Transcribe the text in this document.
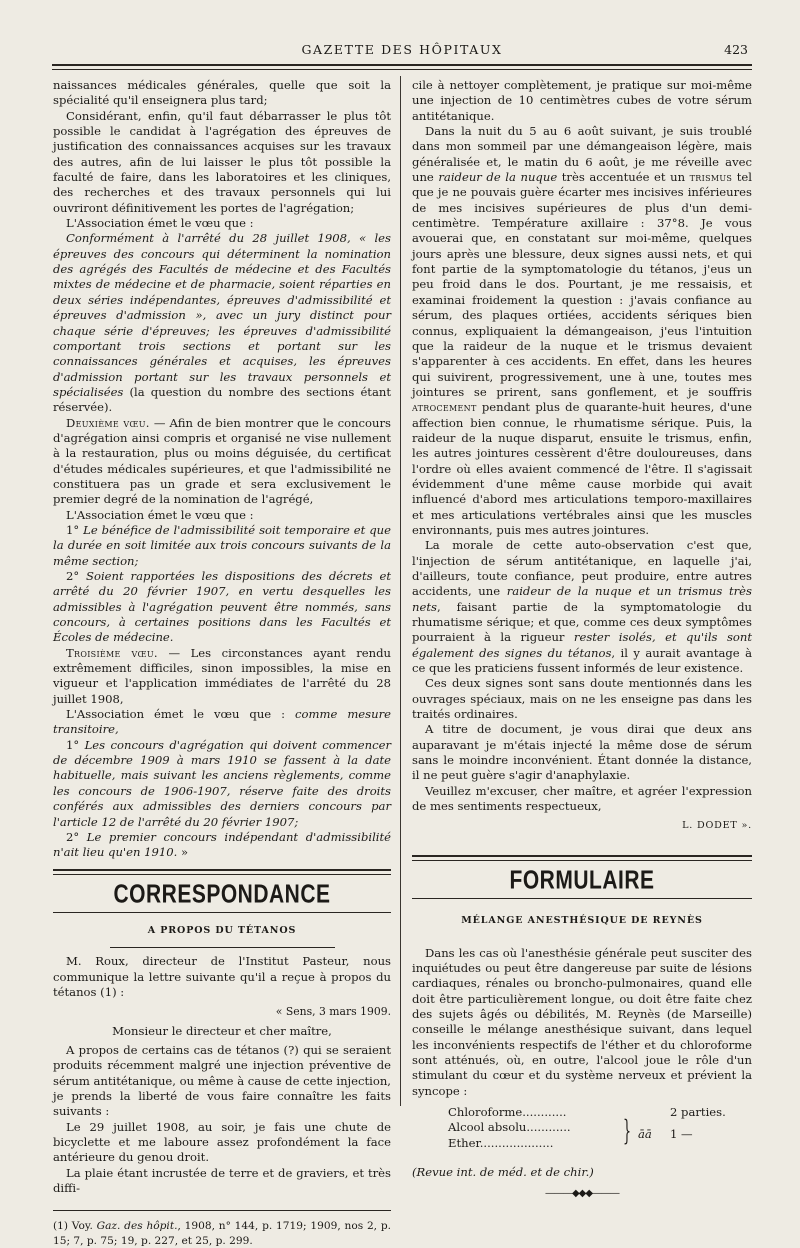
GAZETTE DES HÔPITAUX	423

naissances médicales générales, quelle que soit la spécialité qu'il enseignera plus tard;

Considérant, enfin, qu'il faut débarrasser le plus tôt possible le candidat à l'agrégation des épreuves de justification des connaissances acquises sur les travaux des autres, afin de lui laisser le plus tôt possible la faculté de faire, dans les laboratoires et les cliniques, des recherches et des travaux personnels qui lui ouvriront définitivement les portes de l'agrégation;

L'Association émet le vœu que :

Conformément à l'arrêté du 28 juillet 1908, « les épreuves des concours qui déterminent la nomination des agrégés des Facultés de médecine et des Facultés mixtes de médecine et de pharmacie, soient réparties en deux séries indépendantes, épreuves d'admissibilité et épreuves d'admission », avec un jury distinct pour chaque série d'épreuves; les épreuves d'admissibilité comportant trois sections et portant sur les connaissances générales et acquises, les épreuves d'admission portant sur les travaux personnels et spécialisées (la question du nombre des sections étant réservée).

Deuxième vœu. — Afin de bien montrer que le concours d'agrégation ainsi compris et organisé ne vise nullement à la restauration, plus ou moins déguisée, du certificat d'études médicales supérieures, et que l'admissibilité ne constituera pas un grade et sera exclusivement le premier degré de la nomination de l'agrégé,

L'Association émet le vœu que :

1° Le bénéfice de l'admissibilité soit temporaire et que la durée en soit limitée aux trois concours suivants de la même section;

2° Soient rapportées les dispositions des décrets et arrêté du 20 février 1907, en vertu desquelles les admissibles à l'agrégation peuvent être nommés, sans concours, à certaines positions dans les Facultés et Écoles de médecine.

Troisième vœu. — Les circonstances ayant rendu extrêmement difficiles, sinon impossibles, la mise en vigueur et l'application immédiates de l'arrêté du 28 juillet 1908,

L'Association émet le vœu que : comme mesure transitoire,

1° Les concours d'agrégation qui doivent commencer de décembre 1909 à mars 1910 se fassent à la date habituelle, mais suivant les anciens règlements, comme les concours de 1906-1907, réserve faite des droits conférés aux admissibles des derniers concours par l'article 12 de l'arrêté du 20 février 1907;

2° Le premier concours indépendant d'admissibilité n'ait lieu qu'en 1910. »

CORRESPONDANCE
A PROPOS DU TÉTANOS

M. Roux, directeur de l'Institut Pasteur, nous communique la lettre suivante qu'il a reçue à propos du tétanos (1) :

« Sens, 3 mars 1909.

Monsieur le directeur et cher maître,

A propos de certains cas de tétanos (?) qui se seraient produits récemment malgré une injection préventive de sérum antitétanique, ou même à cause de cette injection, je prends la liberté de vous faire connaître les faits suivants :

Le 29 juillet 1908, au soir, je fais une chute de bicyclette et me laboure assez profondément la face antérieure du genou droit.

La plaie étant incrustée de terre et de graviers, et très diffi-

(1) Voy. Gaz. des hôpit., 1908, n° 144, p. 1719; 1909, nos 2, p. 15; 7, p. 75; 19, p. 227, et 25, p. 299.

cile à nettoyer complètement, je pratique sur moi-même une injection de 10 centimètres cubes de votre sérum antitétanique.

Dans la nuit du 5 au 6 août suivant, je suis troublé dans mon sommeil par une démangeaison légère, mais généralisée et, le matin du 6 août, je me réveille avec une raideur de la nuque très accentuée et un trismus tel que je ne pouvais guère écarter mes incisives inférieures de mes incisives supérieures de plus d'un demi-centimètre. Température axillaire : 37°8. Je vous avouerai que, en constatant sur moi-même, quelques jours après une blessure, deux signes aussi nets, et qui font partie de la symptomatologie du tétanos, j'eus un peu froid dans le dos. Pourtant, je me ressaisis, et examinai froidement la question : j'avais confiance au sérum, des plaques ortiées, accidents sériques bien connus, expliquaient la démangeaison, j'eus l'intuition que la raideur de la nuque et le trismus devaient s'apparenter à ces accidents. En effet, dans les heures qui suivirent, progressivement, une à une, toutes mes jointures se prirent, sans gonflement, et je souffris atrocement pendant plus de quarante-huit heures, d'une affection bien connue, le rhumatisme sérique. Puis, la raideur de la nuque disparut, ensuite le trismus, enfin, les autres jointures cessèrent d'être douloureuses, dans l'ordre où elles avaient commencé de l'être. Il s'agissait évidemment d'une même cause morbide qui avait influencé d'abord mes articulations temporo-maxillaires et mes articulations vertébrales ainsi que les muscles environnants, puis mes autres jointures.

La morale de cette auto-observation c'est que, l'injection de sérum antitétanique, en laquelle j'ai, d'ailleurs, toute confiance, peut produire, entre autres accidents, une raideur de la nuque et un trismus très nets, faisant partie de la symptomatologie du rhumatisme sérique; et que, comme ces deux symptômes pourraient à la rigueur rester isolés, et qu'ils sont également des signes du tétanos, il y aurait avantage à ce que les praticiens fussent informés de leur existence.

Ces deux signes sont sans doute mentionnés dans les ouvrages spéciaux, mais on ne les enseigne pas dans les traités ordinaires.

A titre de document, je vous dirai que deux ans auparavant je m'étais injecté la même dose de sérum sans le moindre inconvénient. Étant donnée la distance, il ne peut guère s'agir d'anaphylaxie.

Veuillez m'excuser, cher maître, et agréer l'expression de mes sentiments respectueux,

L. DODET ».
FORMULAIRE
MÉLANGE ANESTHÉSIQUE DE REYNÈS

Dans les cas où l'anesthésie générale peut susciter des inquiétudes ou peut être dangereuse par suite de lésions cardiaques, rénales ou broncho-pulmonaires, quand elle doit être particulièrement longue, ou doit être faite chez des sujets âgés ou débilités, M. Reynès (de Marseille) conseille le mélange anesthésique suivant, dans lequel les inconvénients respectifs de l'éther et du chloroforme sont atténués, où, en outre, l'alcool joue le rôle d'un stimulant du cœur et du système nerveux et prévient la syncope :

Chloroforme............	2 parties.
Alcool absolu............
Ether.................... } āā 1 —

(Revue int. de méd. et de chir.)

———◆◆◆———
